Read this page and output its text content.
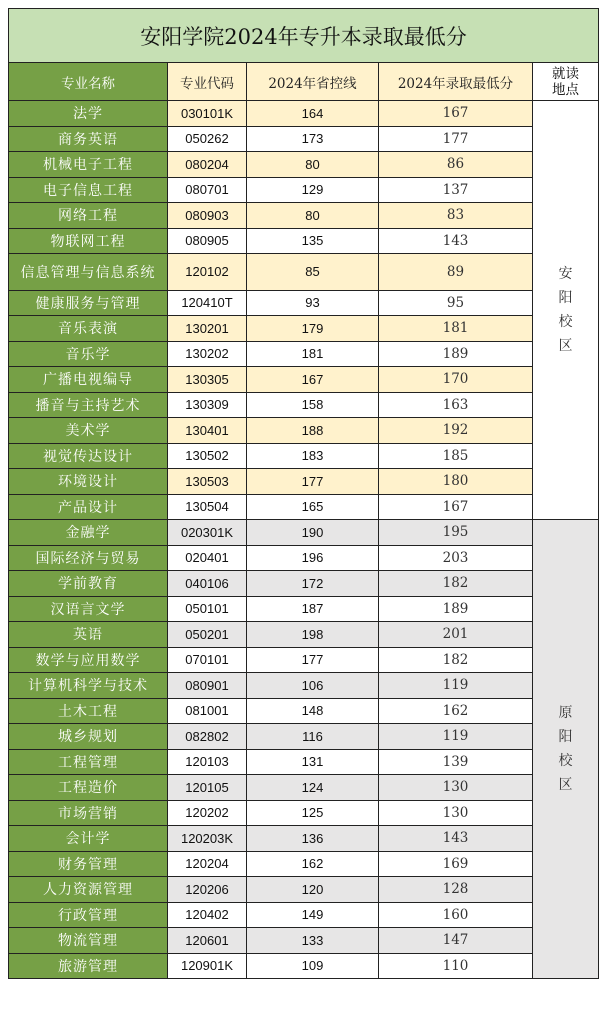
安阳学院2024年专升本录取最低分				
专业名称	专业代码	2024年省控线	2024年录取最低分	就读地点
法学	030101K	164	167	安阳校区
商务英语	050262	173	177	
机械电子工程	080204	80	86	
电子信息工程	080701	129	137	
网络工程	080903	80	83	
物联网工程	080905	135	143	
信息管理与信息系统	120102	85	89	
健康服务与管理	120410T	93	95	
音乐表演	130201	179	181	
音乐学	130202	181	189	
广播电视编导	130305	167	170	
播音与主持艺术	130309	158	163	
美术学	130401	188	192	
视觉传达设计	130502	183	185	
环境设计	130503	177	180	
产品设计	130504	165	167	
金融学	020301K	190	195	原阳校区
国际经济与贸易	020401	196	203	
学前教育	040106	172	182	
汉语言文学	050101	187	189	
英语	050201	198	201	
数学与应用数学	070101	177	182	
计算机科学与技术	080901	106	119	
土木工程	081001	148	162	
城乡规划	082802	116	119	
工程管理	120103	131	139	
工程造价	120105	124	130	
市场营销	120202	125	130	
会计学	120203K	136	143	
财务管理	120204	162	169	
人力资源管理	120206	120	128	
行政管理	120402	149	160	
物流管理	120601	133	147	
旅游管理	120901K	109	110	
